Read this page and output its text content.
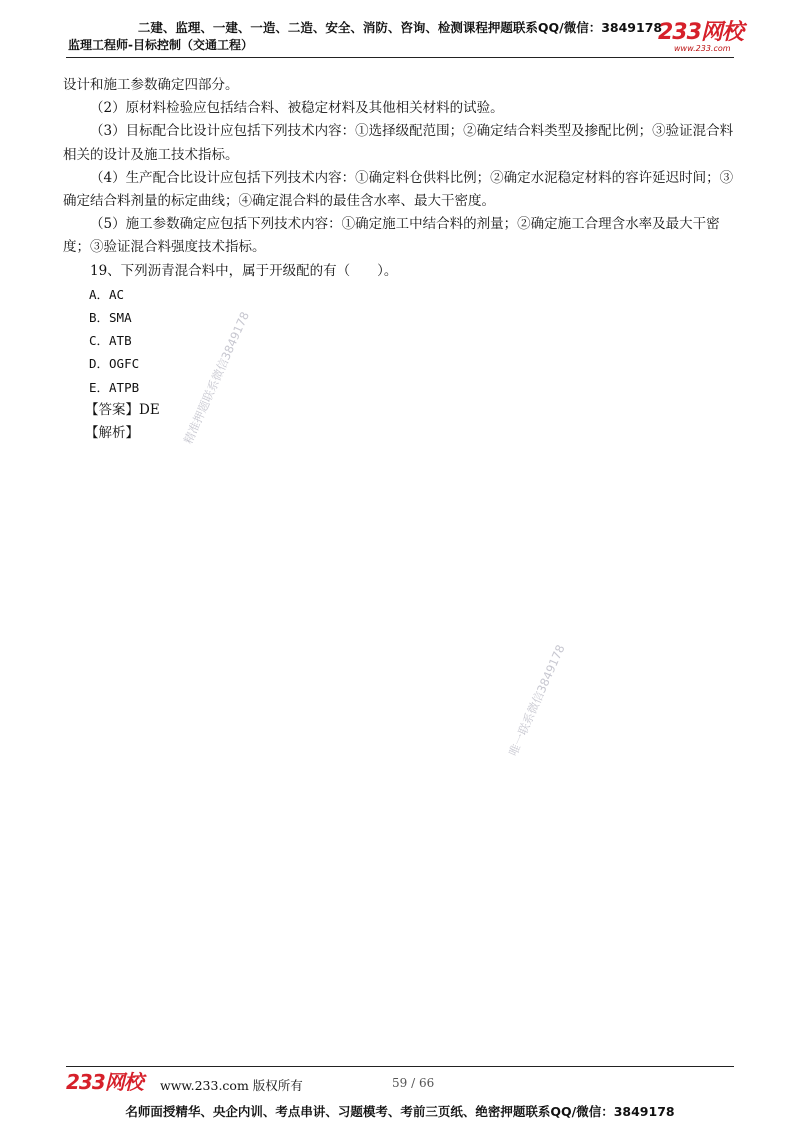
二建、监理、一建、一造、二造、安全、消防、咨询、检测课程押题联系QQ/微信：3849178
监理工程师-目标控制（交通工程）	233网校
www.233.com

设计和施工参数确定四部分。

（2）原材料检验应包括结合料、被稳定材料及其他相关材料的试验。

（3）目标配合比设计应包括下列技术内容：①选择级配范围；②确定结合料类型及掺配比例；③验证混合料相关的设计及施工技术指标。

（4）生产配合比设计应包括下列技术内容：①确定料仓供料比例；②确定水泥稳定材料的容许延迟时间；③确定结合料剂量的标定曲线；④确定混合料的最佳含水率、最大干密度。

（5）施工参数确定应包括下列技术内容：①确定施工中结合料的剂量；②确定施工合理含水率及最大干密度；③验证混合料强度技术指标。

19、下列沥青混合料中，属于开级配的有（　　）。

A．AC

B．SMA

C．ATB

D．OGFC

E．ATPB

【答案】DE

【解析】	精准押题联系微信3849178
唯一联系微信3849178
233网校 www.233.com 版权所有	59 / 66
名师面授精华、央企内训、考点串讲、习题模考、考前三页纸、绝密押题联系QQ/微信：3849178
